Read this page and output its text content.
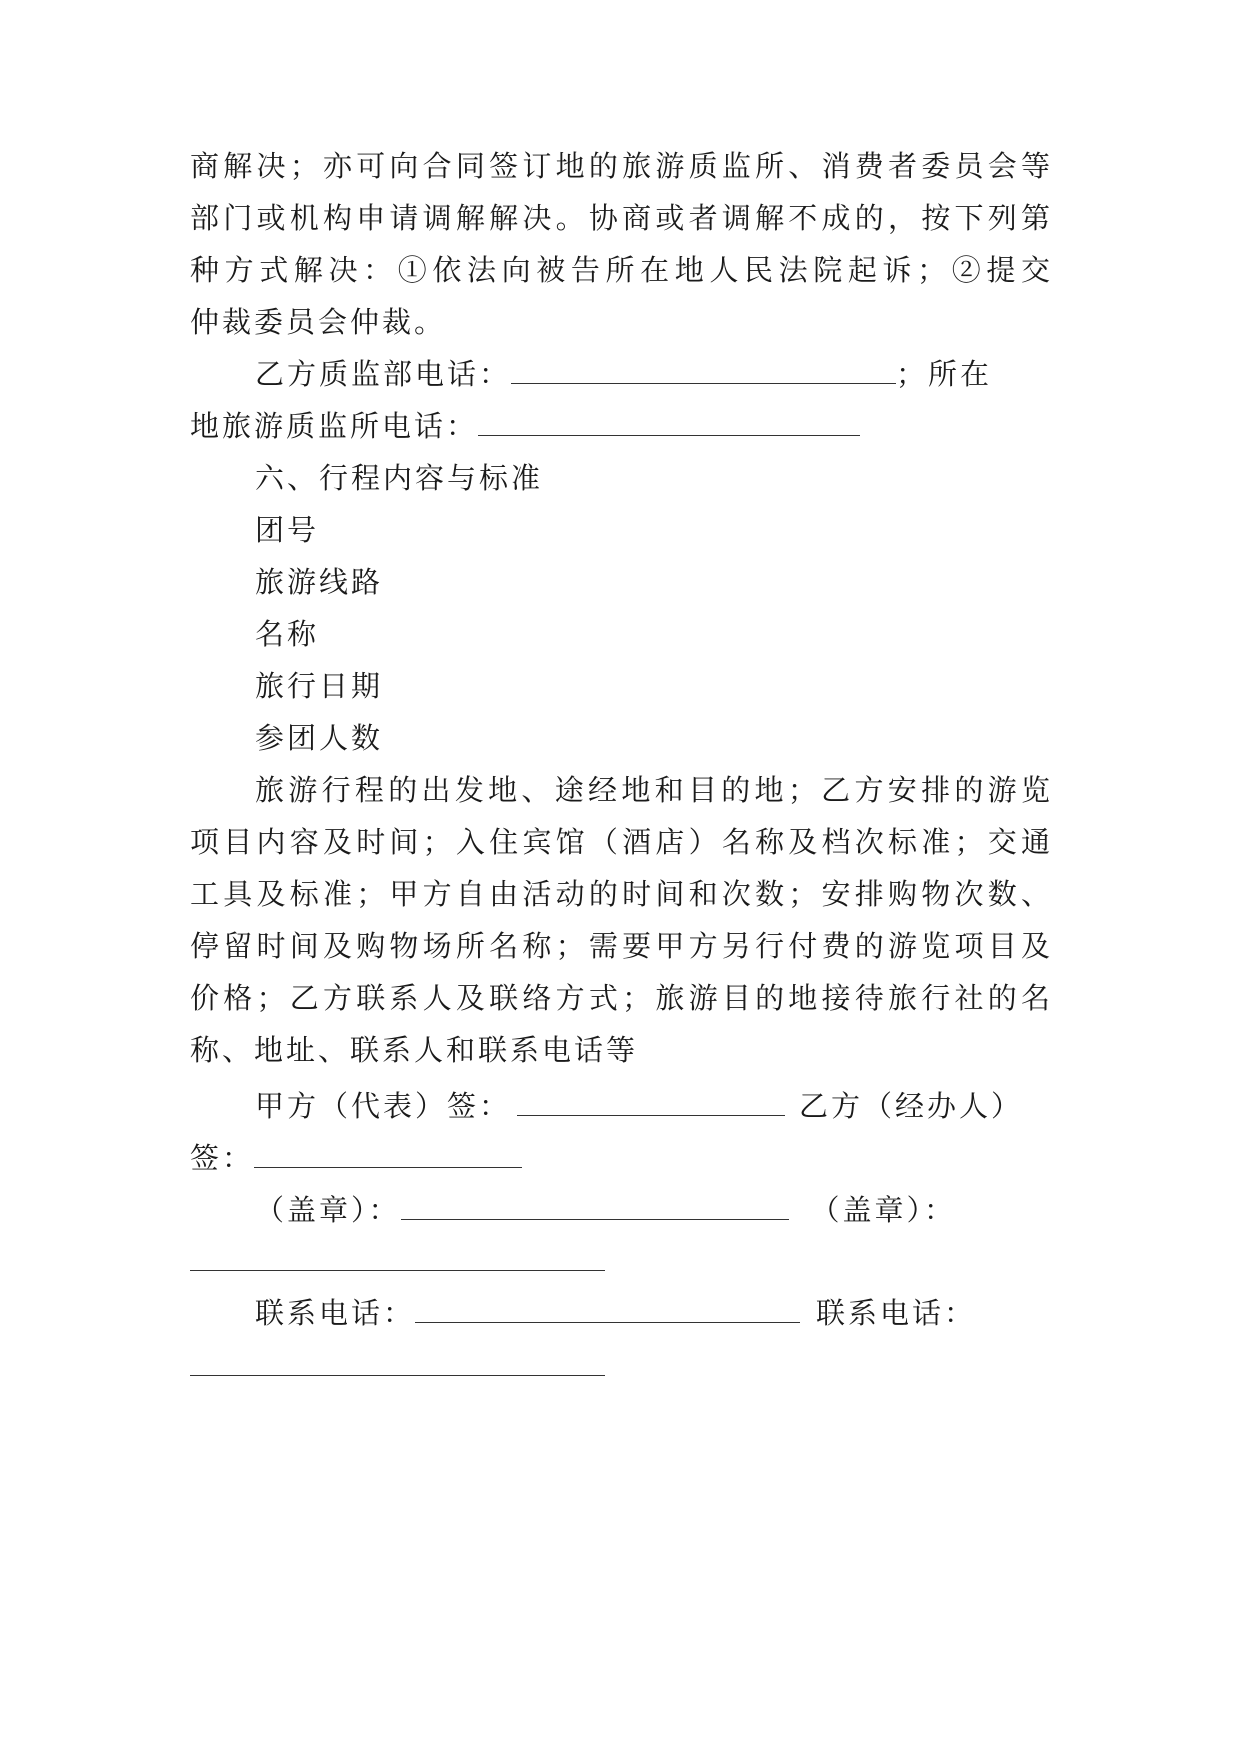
商解决；亦可向合同签订地的旅游质监所、消费者委员会等
部门或机构申请调解解决。协商或者调解不成的，按下列第
种方式解决：①依法向被告所在地人民法院起诉；②提交
仲裁委员会仲裁。
乙方质监部电话：	；所在
地旅游质监所电话：
六、行程内容与标准
团号
旅游线路
名称
旅行日期
参团人数
旅游行程的出发地、途经地和目的地；乙方安排的游览
项目内容及时间；入住宾馆（酒店）名称及档次标准；交通
工具及标准；甲方自由活动的时间和次数；安排购物次数、
停留时间及购物场所名称；需要甲方另行付费的游览项目及
价格；乙方联系人及联络方式；旅游目的地接待旅行社的名
称、地址、联系人和联系电话等
甲方（代表）签：	乙方（经办人）
签：
（盖章）：	（盖章）：
联系电话：	联系电话：
